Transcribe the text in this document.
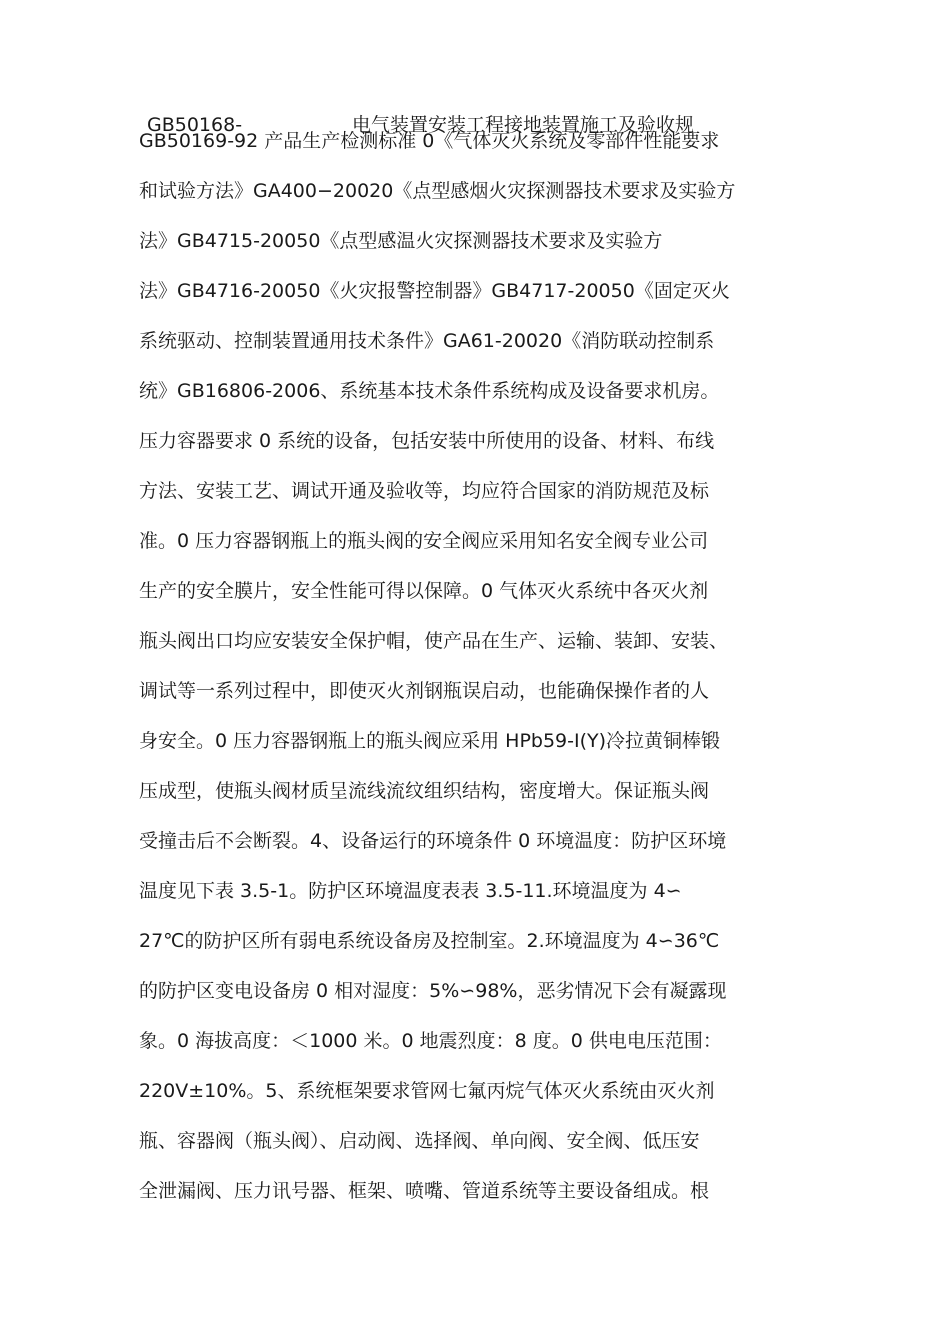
GB50168-	电气装置安装工程接地装置施工及验收规
GB50169-92 产品生产检测标准 0《气体灭火系统及零部件性能要求
和试验方法》GA400−20020《点型感烟火灾探测器技术要求及实验方
法》GB4715-20050《点型感温火灾探测器技术要求及实验方
法》GB4716-20050《火灾报警控制器》GB4717-20050《固定灭火
系统驱动、控制装置通用技术条件》GA61-20020《消防联动控制系
统》GB16806-2006、系统基本技术条件系统构成及设备要求机房。
压力容器要求 0 系统的设备，包括安装中所使用的设备、材料、布线
方法、安装工艺、调试开通及验收等，均应符合国家的消防规范及标
准。0 压力容器钢瓶上的瓶头阀的安全阀应采用知名安全阀专业公司
生产的安全膜片，安全性能可得以保障。0 气体灭火系统中各灭火剂
瓶头阀出口均应安装安全保护帽，使产品在生产、运输、装卸、安装、
调试等一系列过程中，即使灭火剂钢瓶误启动，也能确保操作者的人
身安全。0 压力容器钢瓶上的瓶头阀应采用 HPb59-I(Y)冷拉黄铜棒锻
压成型，使瓶头阀材质呈流线流纹组织结构，密度增大。保证瓶头阀
受撞击后不会断裂。4、设备运行的环境条件 0 环境温度：防护区环境
温度见下表 3.5-1。防护区环境温度表表 3.5-11.环境温度为 4∽
27℃的防护区所有弱电系统设备房及控制室。2.环境温度为 4∽36℃
的防护区变电设备房 0 相对湿度：5%∽98%，恶劣情况下会有凝露现
象。0 海拔高度：＜1000 米。0 地震烈度：8 度。0 供电电压范围：
220V±10%。5、系统框架要求管网七氟丙烷气体灭火系统由灭火剂
瓶、容器阀（瓶头阀）、启动阀、选择阀、单向阀、安全阀、低压安
全泄漏阀、压力讯号器、框架、喷嘴、管道系统等主要设备组成。根
